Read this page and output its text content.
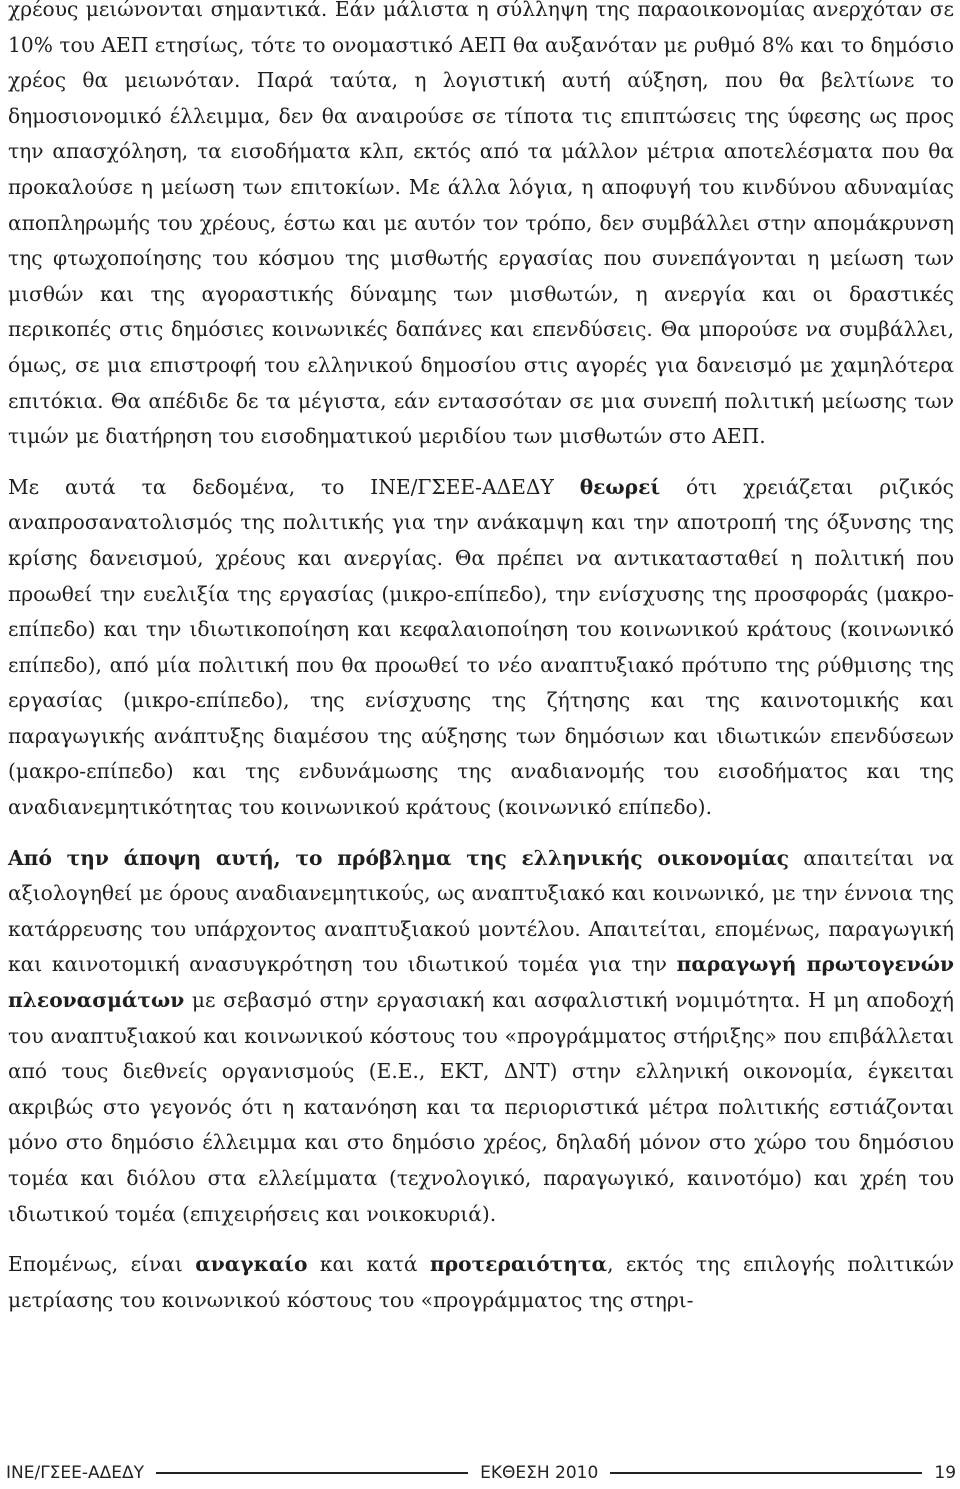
χρέους μειώνονται σημαντικά. Εάν μάλιστα η σύλληψη της παραοικονομίας ανερχόταν σε 10% του ΑΕΠ ετησίως, τότε το ονομαστικό ΑΕΠ θα αυξανόταν με ρυθμό 8% και το δημόσιο χρέος θα μειωνόταν. Παρά ταύτα, η λογιστική αυτή αύξηση, που θα βελτίωνε το δημοσιονομικό έλλειμμα, δεν θα αναιρούσε σε τίποτα τις επιπτώσεις της ύφεσης ως προς την απασχόληση, τα εισοδήματα κλπ, εκτός από τα μάλλον μέτρια αποτελέσματα που θα προκαλούσε η μείωση των επιτοκίων. Με άλλα λόγια, η αποφυγή του κινδύνου αδυναμίας αποπληρωμής του χρέους, έστω και με αυτόν τον τρόπο, δεν συμβάλλει στην απομάκρυνση της φτωχοποίησης του κόσμου της μισθωτής εργασίας που συνεπάγονται η μείωση των μισθών και της αγοραστικής δύναμης των μισθωτών, η ανεργία και οι δραστικές περικοπές στις δημόσιες κοινωνικές δαπάνες και επενδύσεις. Θα μπορούσε να συμβάλλει, όμως, σε μια επιστροφή του ελληνικού δημοσίου στις αγορές για δανεισμό με χαμηλότερα επιτόκια. Θα απέδιδε δε τα μέγιστα, εάν εντασσόταν σε μια συνεπή πολιτική μείωσης των τιμών με διατήρηση του εισοδηματικού μεριδίου των μισθωτών στο ΑΕΠ.

Με αυτά τα δεδομένα, το ΙΝΕ/ΓΣΕΕ-ΑΔΕΔΥ θεωρεί ότι χρειάζεται ριζικός αναπροσανατολισμός της πολιτικής για την ανάκαμψη και την αποτροπή της όξυνσης της κρίσης δανεισμού, χρέους και ανεργίας. Θα πρέπει να αντικατασταθεί η πολιτική που προωθεί την ευελιξία της εργασίας (μικρο-επίπεδο), την ενίσχυσης της προσφοράς (μακρο-επίπεδο) και την ιδιωτικοποίηση και κεφαλαιοποίηση του κοινωνικού κράτους (κοινωνικό επίπεδο), από μία πολιτική που θα προωθεί το νέο αναπτυξιακό πρότυπο της ρύθμισης της εργασίας (μικρο-επίπεδο), της ενίσχυσης της ζήτησης και της καινοτομικής και παραγωγικής ανάπτυξης διαμέσου της αύξησης των δημόσιων και ιδιωτικών επενδύσεων (μακρο-επίπεδο) και της ενδυνάμωσης της αναδιανομής του εισοδήματος και της αναδιανεμητικότητας του κοινωνικού κράτους (κοινωνικό επίπεδο).

Από την άποψη αυτή, το πρόβλημα της ελληνικής οικονομίας απαιτείται να αξιολογηθεί με όρους αναδιανεμητικούς, ως αναπτυξιακό και κοινωνικό, με την έννοια της κατάρρευσης του υπάρχοντος αναπτυξιακού μοντέλου. Απαιτείται, επομένως, παραγωγική και καινοτομική ανασυγκρότηση του ιδιωτικού τομέα για την παραγωγή πρωτογενών πλεονασμάτων με σεβασμό στην εργασιακή και ασφαλιστική νομιμότητα. Η μη αποδοχή του αναπτυξιακού και κοινωνικού κόστους του «προγράμματος στήριξης» που επιβάλλεται από τους διεθνείς οργανισμούς (Ε.Ε., ΕΚΤ, ΔΝΤ) στην ελληνική οικονομία, έγκειται ακριβώς στο γεγονός ότι η κατανόηση και τα περιοριστικά μέτρα πολιτικής εστιάζονται μόνο στο δημόσιο έλλειμμα και στο δημόσιο χρέος, δηλαδή μόνον στο χώρο του δημόσιου τομέα και διόλου στα ελλείμματα (τεχνολογικό, παραγωγικό, καινοτόμο) και χρέη του ιδιωτικού τομέα (επιχειρήσεις και νοικοκυριά).

Επομένως, είναι αναγκαίο και κατά προτεραιότητα, εκτός της επιλογής πολιτικών μετρίασης του κοινωνικού κόστους του «προγράμματος της στηρι-

ΙΝΕ/ΓΣΕΕ-ΑΔΕΔΥ	ΕΚΘΕΣΗ 2010	19
